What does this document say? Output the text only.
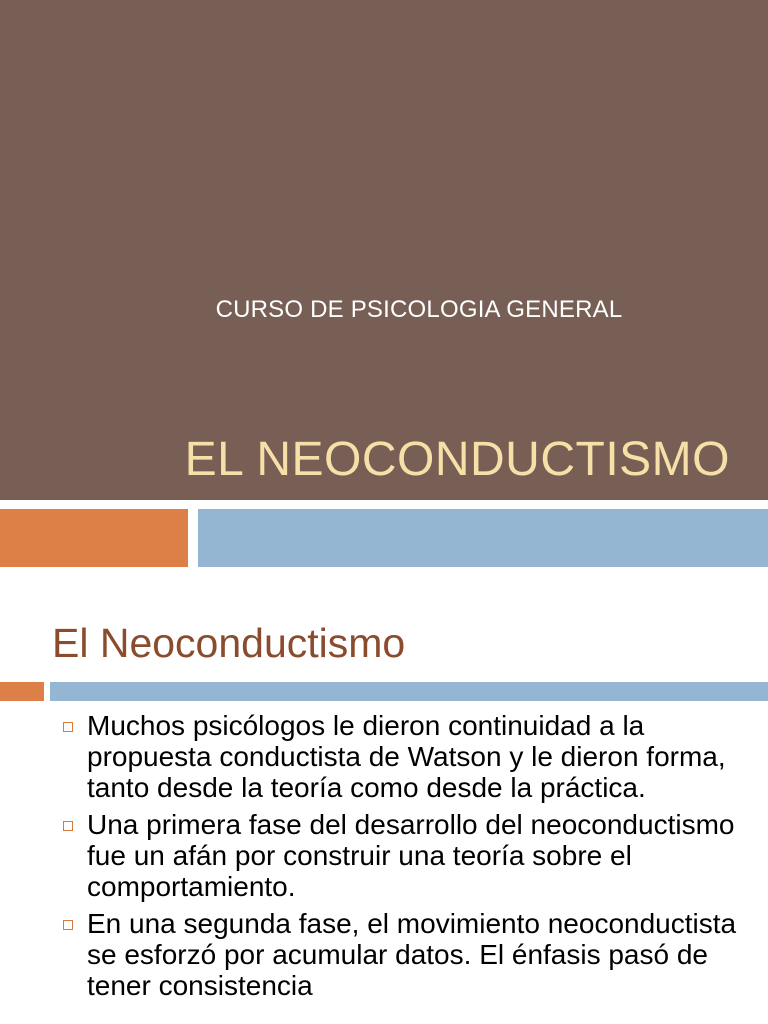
CURSO DE PSICOLOGIA GENERAL
EL NEOCONDUCTISMO
El Neoconductismo
Muchos psicólogos le dieron continuidad a la propuesta conductista de Watson y le dieron forma, tanto desde la teoría como desde la práctica.
Una primera fase del desarrollo del neoconductismo fue un afán por construir una teoría sobre el comportamiento.
En una segunda fase, el movimiento neoconductista se esforzó por acumular datos. El énfasis pasó de tener consistencia
